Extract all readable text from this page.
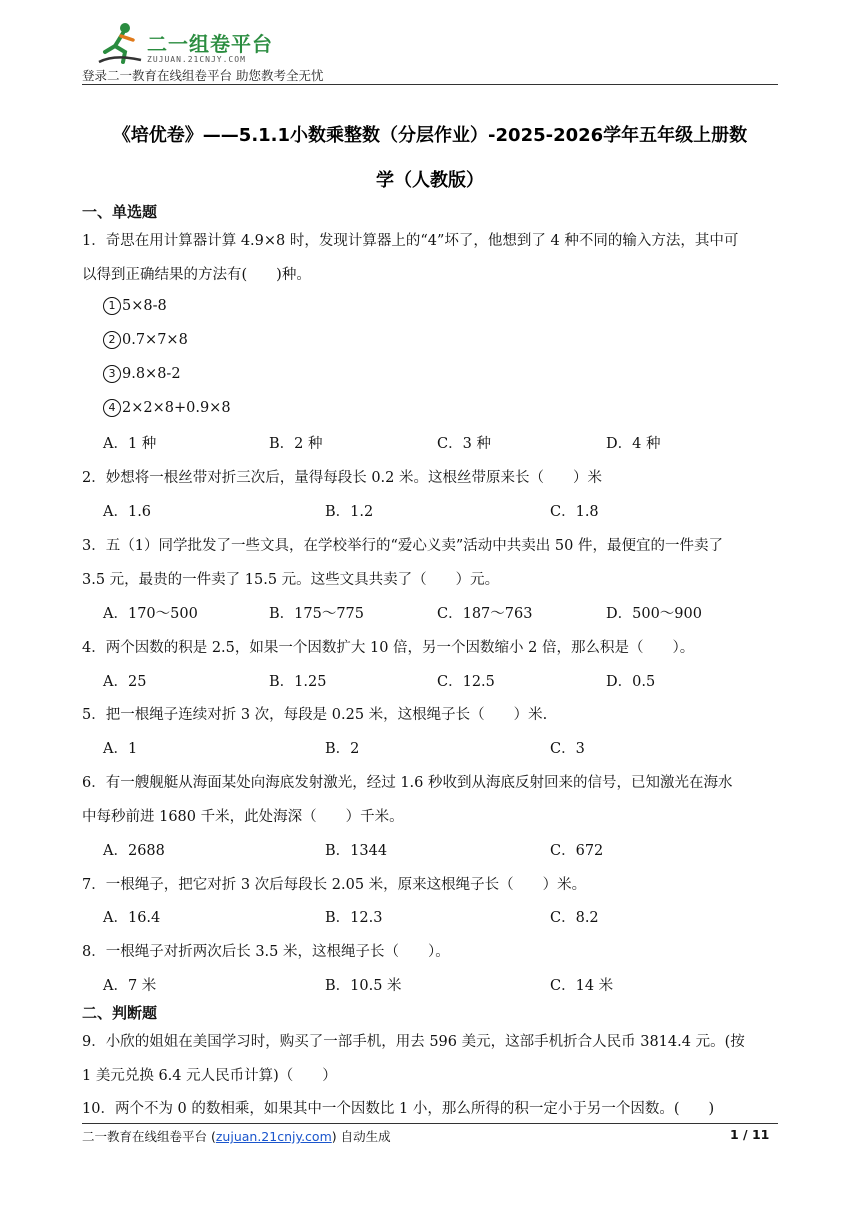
二一组卷平台
ZUJUAN.21CNJY.COM
登录二一教育在线组卷平台 助您教考全无忧
《培优卷》——5.1.1小数乘整数（分层作业）-2025-2026学年五年级上册数
学（人教版）
一、单选题
1．奇思在用计算器计算 4.9×8 时，发现计算器上的“4”坏了，他想到了 4 种不同的输入方法，其中可
以得到正确结果的方法有(　　)种。
1 5×8-8
2 0.7×7×8
3 9.8×8-2
4 2×2×8+0.9×8
A．1 种	B．2 种	C．3 种	D．4 种
2．妙想将一根丝带对折三次后，量得每段长 0.2 米。这根丝带原来长（　　）米
A．1.6	B．1.2	C．1.8
3．五（1）同学批发了一些文具，在学校举行的“爱心义卖”活动中共卖出 50 件，最便宜的一件卖了
3.5 元，最贵的一件卖了 15.5 元。这些文具共卖了（　　）元。
A．170～500	B．175～775	C．187～763	D．500～900
4．两个因数的积是 2.5，如果一个因数扩大 10 倍，另一个因数缩小 2 倍，那么积是（　　）。
A．25	B．1.25	C．12.5	D．0.5
5．把一根绳子连续对折 3 次，每段是 0.25 米，这根绳子长（　　）米.
A．1	B．2	C．3
6．有一艘舰艇从海面某处向海底发射激光，经过 1.6 秒收到从海底反射回来的信号，已知激光在海水
中每秒前进 1680 千米，此处海深（　　）千米。
A．2688	B．1344	C．672
7．一根绳子，把它对折 3 次后每段长 2.05 米，原来这根绳子长（　　）米。
A．16.4	B．12.3	C．8.2
8．一根绳子对折两次后长 3.5 米，这根绳子长（　　）。
A．7 米	B．10.5 米	C．14 米
二、判断题
9．小欣的姐姐在美国学习时，购买了一部手机，用去 596 美元，这部手机折合人民币 3814.4 元。(按
1 美元兑换 6.4 元人民币计算)（　　）
10．两个不为 0 的数相乘，如果其中一个因数比 1 小，那么所得的积一定小于另一个因数。(　　)
二一教育在线组卷平台 (zujuan.21cnjy.com) 自动生成	1 / 11
